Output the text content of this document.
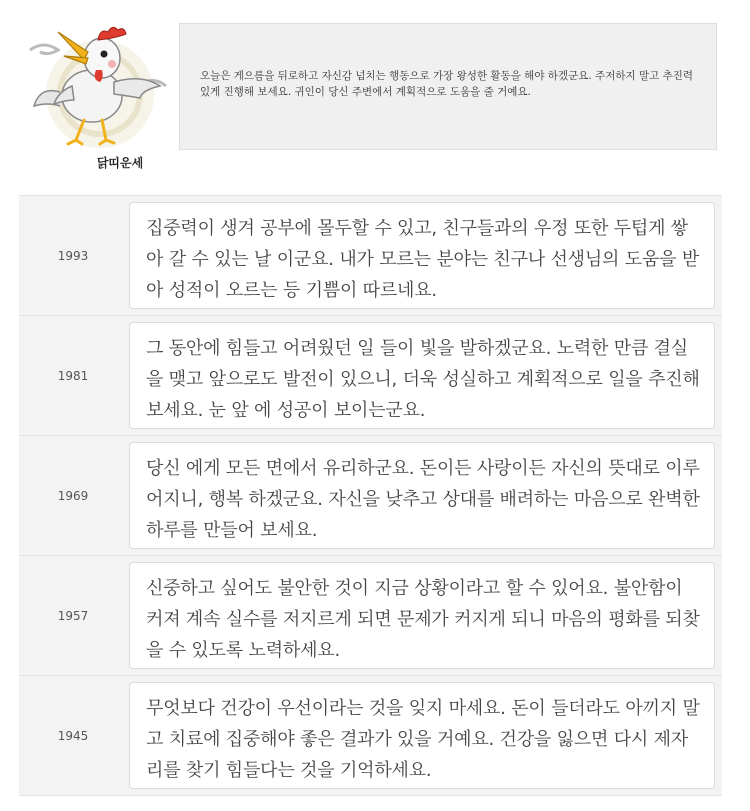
닭띠운세
오늘은 게으름을 뒤로하고 자신감 넘치는 행동으로 가장 왕성한 활동을 해야 하겠군요. 주저하지 말고 추진력 있게 진행해 보세요. 귀인이 당신 주변에서 계획적으로 도움을 줄 거예요.
1993
집중력이 생겨 공부에 몰두할 수 있고, 친구들과의 우정 또한 두텁게 쌓아 갈 수 있는 날 이군요. 내가 모르는 분야는 친구나 선생님의 도움을 받아 성적이 오르는 등 기쁨이 따르네요.
1981
그 동안에 힘들고 어려웠던 일 들이 빛을 발하겠군요. 노력한 만큼 결실을 맺고 앞으로도 발전이 있으니, 더욱 성실하고 계획적으로 일을 추진해 보세요. 눈 앞 에 성공이 보이는군요.
1969
당신 에게 모든 면에서 유리하군요. 돈이든 사랑이든 자신의 뜻대로 이루어지니, 행복 하겠군요. 자신을 낮추고 상대를 배려하는 마음으로 완벽한 하루를 만들어 보세요.
1957
신중하고 싶어도 불안한 것이 지금 상황이라고 할 수 있어요. 불안함이 커져 계속 실수를 저지르게 되면 문제가 커지게 되니 마음의 평화를 되찾을 수 있도록 노력하세요.
1945
무엇보다 건강이 우선이라는 것을 잊지 마세요. 돈이 들더라도 아끼지 말고 치료에 집중해야 좋은 결과가 있을 거예요. 건강을 잃으면 다시 제자리를 찾기 힘들다는 것을 기억하세요.
